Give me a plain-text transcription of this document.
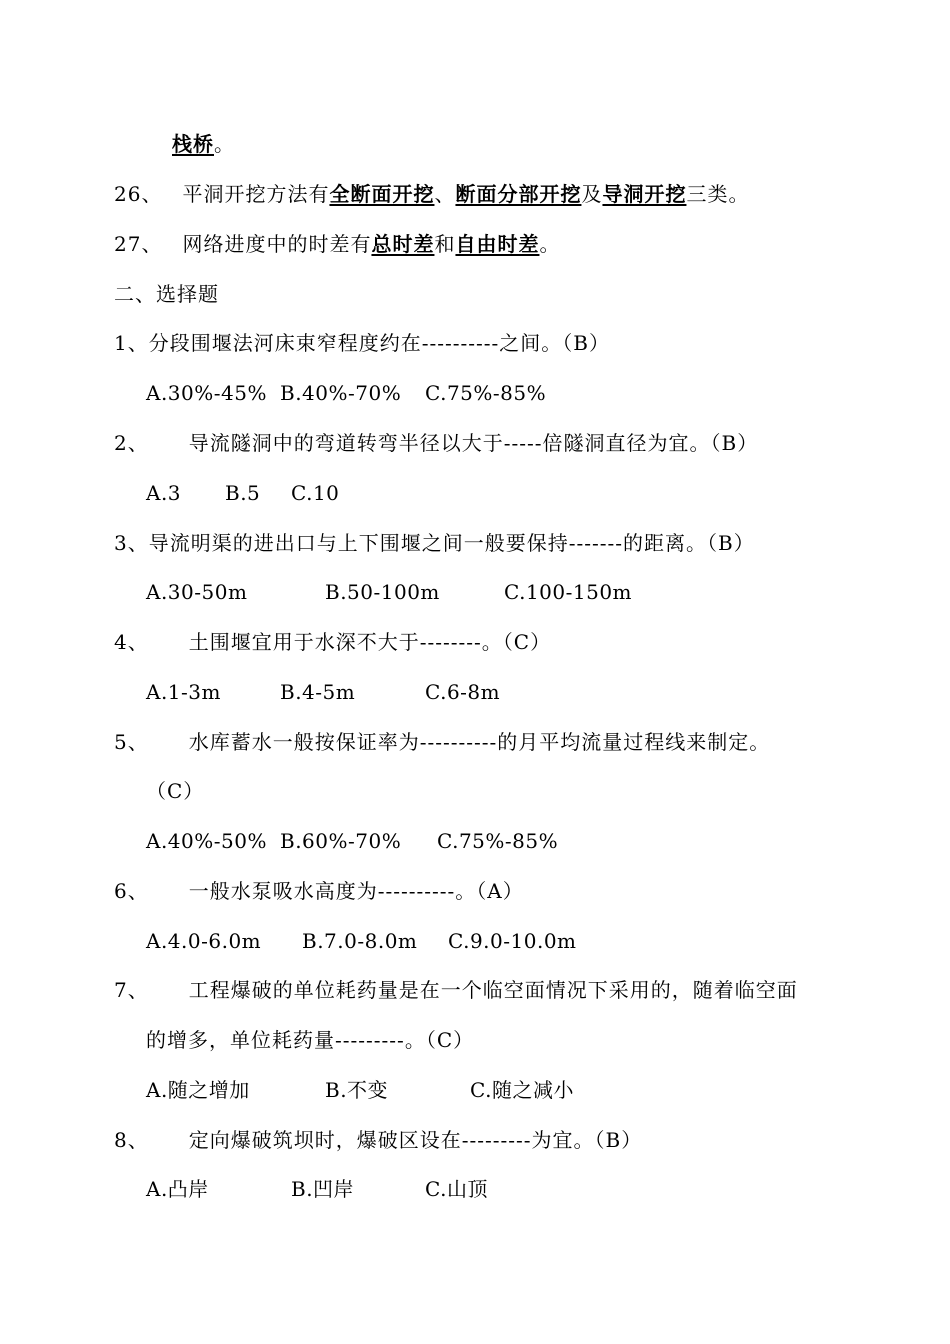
栈桥。
26、 平洞开挖方法有全断面开挖、断面分部开挖及导洞开挖三类。
27、 网络进度中的时差有总时差和自由时差。
二、选择题
1、分段围堰法河床束窄程度约在----------之间。（B）
A.30%-45% B.40%-70% C.75%-85%
2、 导流隧洞中的弯道转弯半径以大于-----倍隧洞直径为宜。（B）
A.3 B.5 C.10
3、导流明渠的进出口与上下围堰之间一般要保持-------的距离。（B）
A.30-50m	B.50-100m	C.100-150m
4、 土围堰宜用于水深不大于--------。（C）
A.1-3m	B.4-5m	C.6-8m
5、 水库蓄水一般按保证率为----------的月平均流量过程线来制定。
（C）
A.40%-50% B.60%-70% C.75%-85%
6、 一般水泵吸水高度为----------。（A）
A.4.0-6.0m B.7.0-8.0m C.9.0-10.0m
7、 工程爆破的单位耗药量是在一个临空面情况下采用的，随着临空面
的增多，单位耗药量---------。（C）
A.随之增加	B.不变	C.随之减小
8、 定向爆破筑坝时，爆破区设在---------为宜。（B）
A.凸岸	B.凹岸	C.山顶
